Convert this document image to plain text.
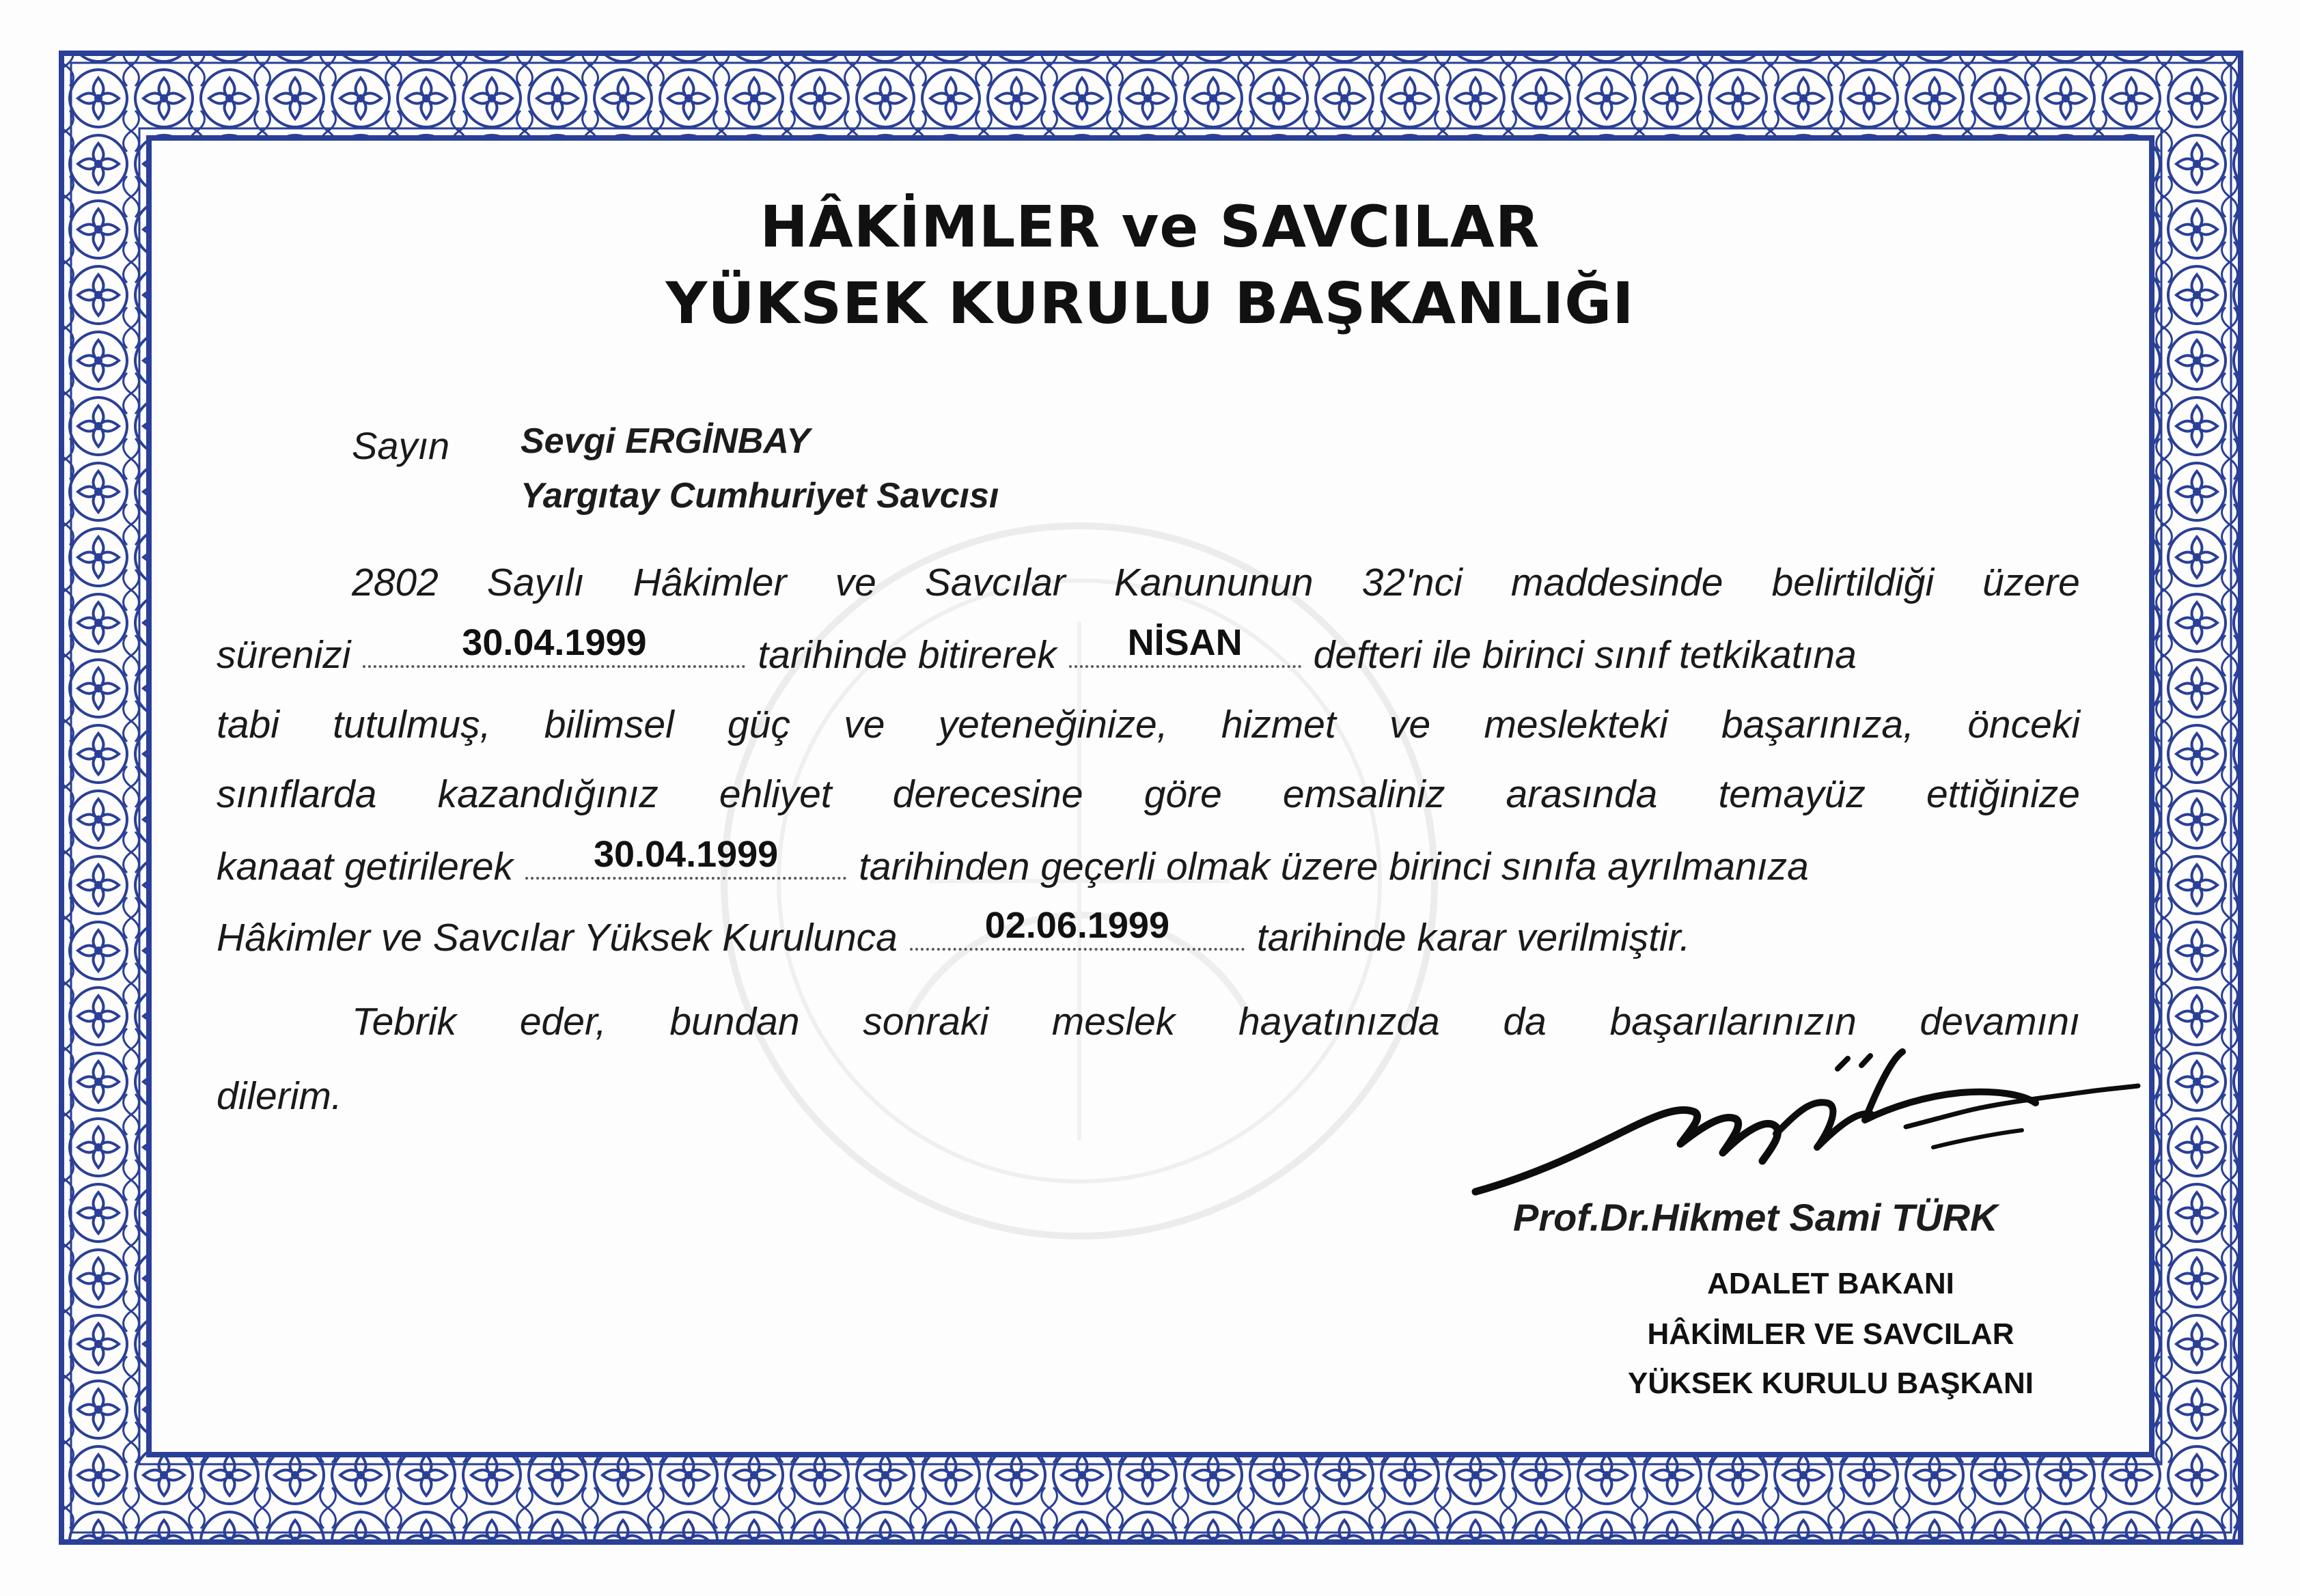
HÂKİMLER ve SAVCILAR
YÜKSEK KURULU BAŞKANLIĞI
Sayın Sevgi ERGİNBAY
Yargıtay Cumhuriyet Savcısı
2802 Sayılı Hâkimler ve Savcılar Kanununun 32'nci maddesinde belirtildiği üzere
sürenizi	30.04.1999	tarihinde bitirerek	NİSAN	defteri ile birinci sınıf tetkikatına
tabi tutulmuş, bilimsel güç ve yeteneğinize, hizmet ve meslekteki başarınıza, önceki
sınıflarda kazandığınız ehliyet derecesine göre emsaliniz arasında temayüz ettiğinize
kanaat getirilerek	30.04.1999	tarihinden geçerli olmak üzere birinci sınıfa ayrılmanıza
Hâkimler ve Savcılar Yüksek Kurulunca	02.06.1999	tarihinde karar verilmiştir.
Tebrik eder, bundan sonraki meslek hayatınızda da başarılarınızın devamını
dilerim.
Prof.Dr.Hikmet Sami TÜRK
ADALET BAKANI
HÂKİMLER VE SAVCILAR
YÜKSEK KURULU BAŞKANI
